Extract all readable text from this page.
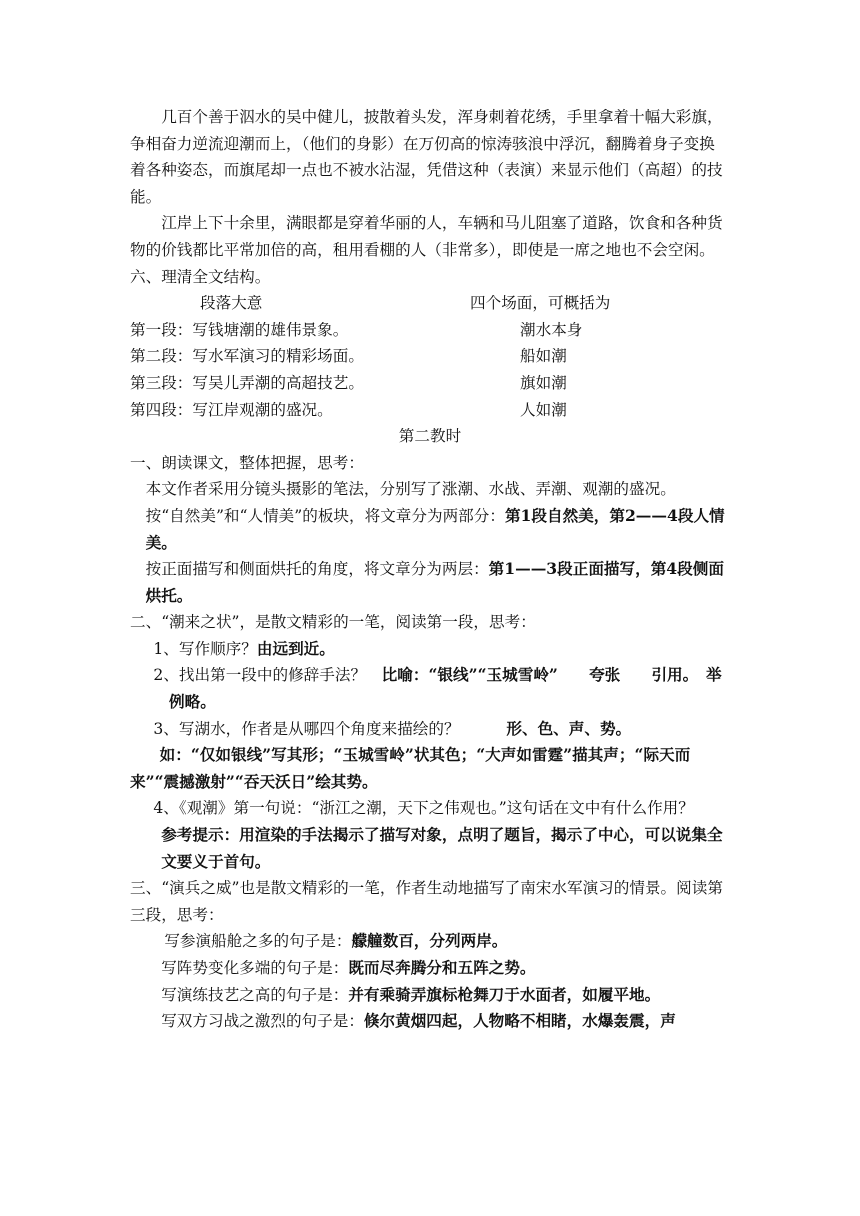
几百个善于泅水的吴中健儿，披散着头发，浑身刺着花绣，手里拿着十幅大彩旗，争相奋力逆流迎潮而上，（他们的身影）在万仞高的惊涛骇浪中浮沉，翻腾着身子变换着各种姿态，而旗尾却一点也不被水沾湿，凭借这种（表演）来显示他们（高超）的技能。

江岸上下十余里，满眼都是穿着华丽的人，车辆和马儿阻塞了道路，饮食和各种货物的价钱都比平常加倍的高，租用看棚的人（非常多），即使是一席之地也不会空闲。

六、理清全文结构。

段落大意	四个场面，可概括为
第一段：写钱塘潮的雄伟景象。	潮水本身
第二段：写水军演习的精彩场面。	船如潮
第三段：写吴儿弄潮的高超技艺。	旗如潮
第四段：写江岸观潮的盛况。	人如潮

第二教时

一、朗读课文，整体把握，思考：

本文作者采用分镜头摄影的笔法，分别写了涨潮、水战、弄潮、观潮的盛况。

按“自然美”和“人情美”的板块，将文章分为两部分：第1段自然美，第2——4段人情美。

按正面描写和侧面烘托的角度，将文章分为两层：第1——3段正面描写，第4段侧面烘托。

二、“潮来之状”，是散文精彩的一笔，阅读第一段，思考：

1、写作顺序？由远到近。

2、找出第一段中的修辞手法？　 比喻：“银线”“玉城雪岭”　　夸张　　引用。　举例略。

3、写湖水，作者是从哪四个角度来描绘的？　　　	形、色、声、势。

如：“仅如银线”写其形；“玉城雪岭”状其色；“大声如雷霆”描其声；“际天而来”“震撼激射”“吞天沃日”绘其势。

4、《观潮》第一句说：“浙江之潮，天下之伟观也。”这句话在文中有什么作用？

参考提示：用渲染的手法揭示了描写对象，点明了题旨，揭示了中心，可以说集全文要义于首句。

三、“演兵之威”也是散文精彩的一笔，作者生动地描写了南宋水军演习的情景。阅读第三段，思考：

写参演船舱之多的句子是：艨艟数百，分列两岸。

写阵势变化多端的句子是：既而尽奔腾分和五阵之势。

写演练技艺之高的句子是：并有乘骑弄旗标枪舞刀于水面者，如履平地。

写双方习战之激烈的句子是：倏尔黄烟四起，人物略不相睹，水爆轰震，声
